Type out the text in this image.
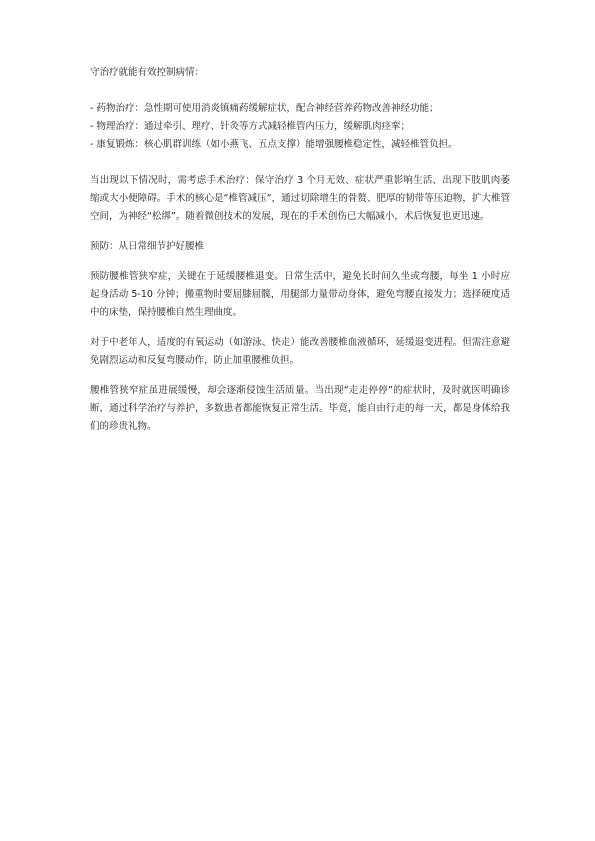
守治疗就能有效控制病情：

- 药物治疗：急性期可使用消炎镇痛药缓解症状，配合神经营养药物改善神经功能；
- 物理治疗：通过牵引、理疗、针灸等方式减轻椎管内压力，缓解肌肉痉挛；
- 康复锻炼：核心肌群训练（如小燕飞、五点支撑）能增强腰椎稳定性，减轻椎管负担。

当出现以下情况时，需考虑手术治疗：保守治疗 3 个月无效、症状严重影响生活、出现下肢肌肉萎缩或大小便障碍。手术的核心是“椎管减压”，通过切除增生的骨赘、肥厚的韧带等压迫物，扩大椎管空间，为神经“松绑”。随着微创技术的发展，现在的手术创伤已大幅减小，术后恢复也更迅速。

预防：从日常细节护好腰椎

预防腰椎管狭窄症，关键在于延缓腰椎退变。日常生活中，避免长时间久坐或弯腰，每坐 1 小时应起身活动 5-10 分钟；搬重物时要屈膝屈髋，用腿部力量带动身体，避免弯腰直接发力；选择硬度适中的床垫，保持腰椎自然生理曲度。

对于中老年人，适度的有氧运动（如游泳、快走）能改善腰椎血液循环，延缓退变进程。但需注意避免剧烈运动和反复弯腰动作，防止加重腰椎负担。

腰椎管狭窄症虽进展缓慢，却会逐渐侵蚀生活质量。当出现“走走停停”的症状时，及时就医明确诊断，通过科学治疗与养护，多数患者都能恢复正常生活。毕竟，能自由行走的每一天，都是身体给我们的珍贵礼物。
